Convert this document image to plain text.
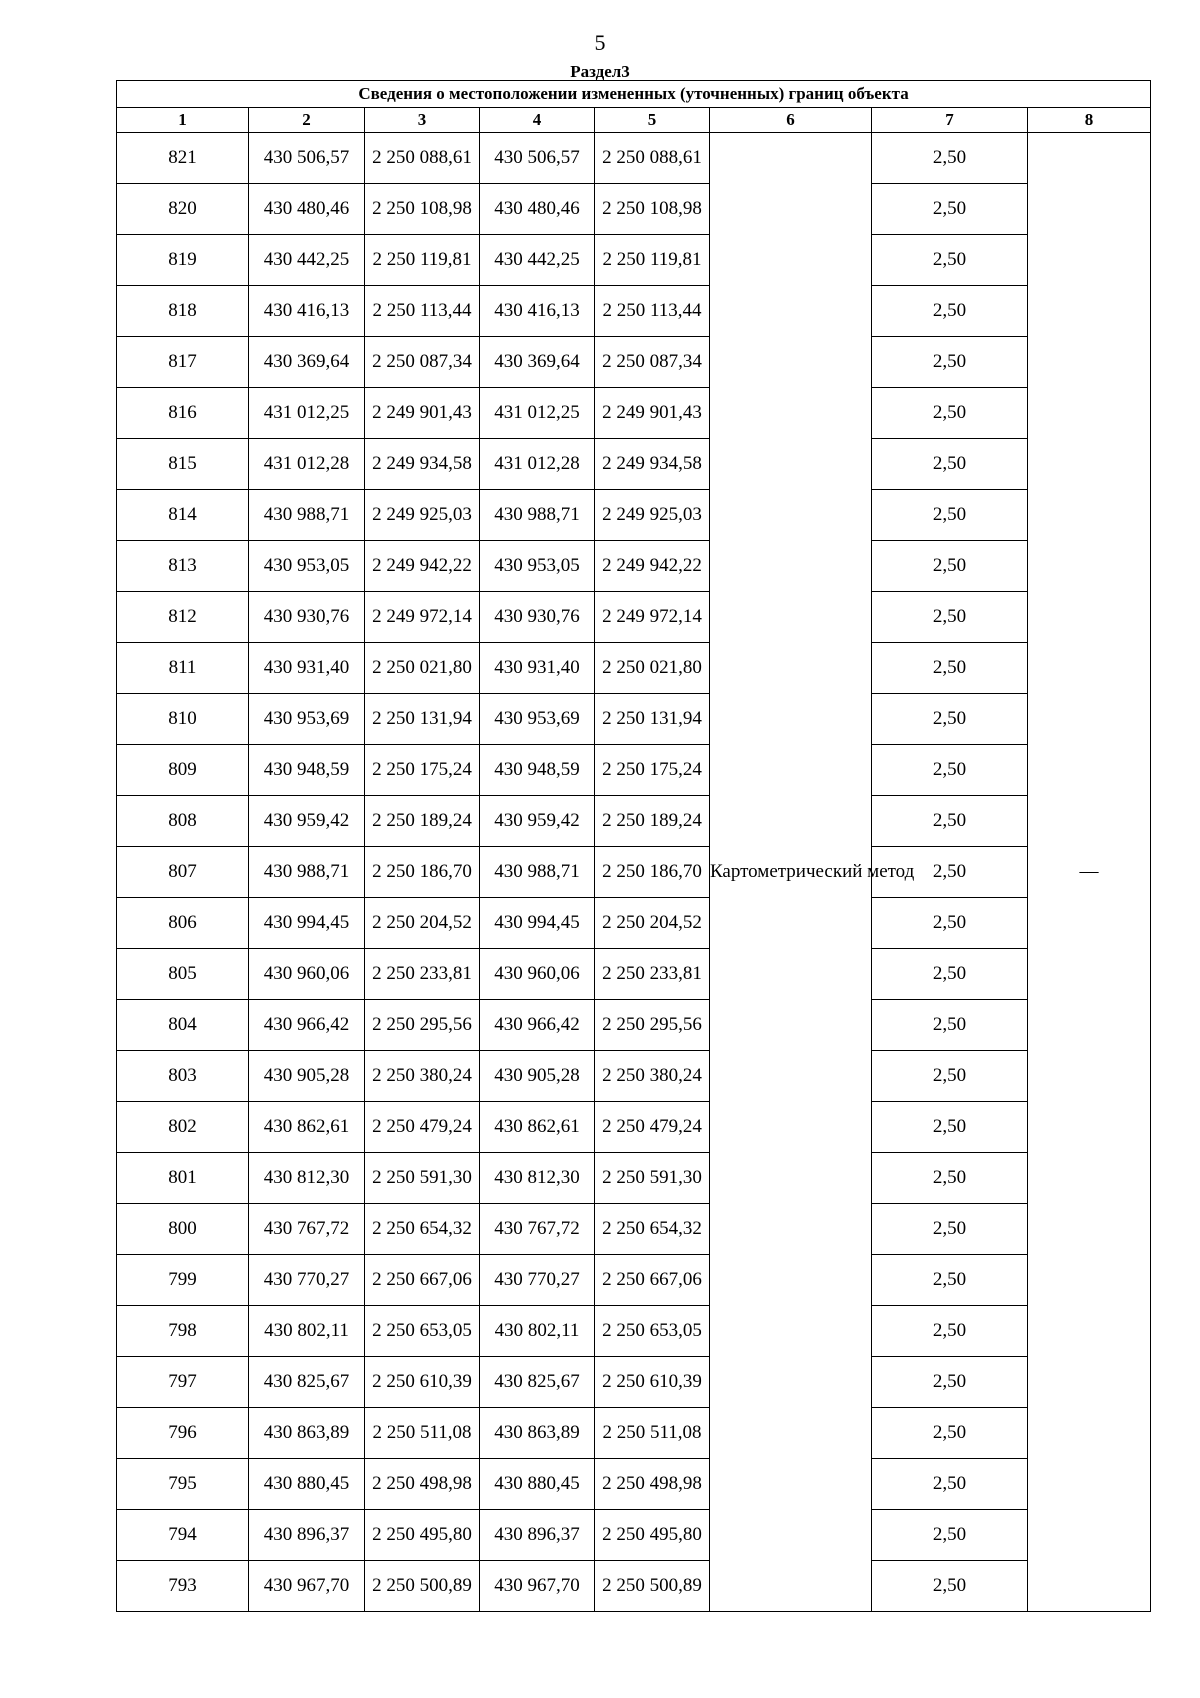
5
Раздел3
Сведения о местоположении измененных (уточненных) границ объекта							
1	2	3	4	5	6	7	8
821	430 506,57	2 250 088,61	430 506,57	2 250 088,61	Картометрический метод	2,50	—
820	430 480,46	2 250 108,98	430 480,46	2 250 108,98		2,50	
819	430 442,25	2 250 119,81	430 442,25	2 250 119,81		2,50	
818	430 416,13	2 250 113,44	430 416,13	2 250 113,44		2,50	
817	430 369,64	2 250 087,34	430 369,64	2 250 087,34		2,50	
816	431 012,25	2 249 901,43	431 012,25	2 249 901,43		2,50	
815	431 012,28	2 249 934,58	431 012,28	2 249 934,58		2,50	
814	430 988,71	2 249 925,03	430 988,71	2 249 925,03		2,50	
813	430 953,05	2 249 942,22	430 953,05	2 249 942,22		2,50	
812	430 930,76	2 249 972,14	430 930,76	2 249 972,14		2,50	
811	430 931,40	2 250 021,80	430 931,40	2 250 021,80		2,50	
810	430 953,69	2 250 131,94	430 953,69	2 250 131,94		2,50	
809	430 948,59	2 250 175,24	430 948,59	2 250 175,24		2,50	
808	430 959,42	2 250 189,24	430 959,42	2 250 189,24		2,50	
807	430 988,71	2 250 186,70	430 988,71	2 250 186,70		2,50	
806	430 994,45	2 250 204,52	430 994,45	2 250 204,52		2,50	
805	430 960,06	2 250 233,81	430 960,06	2 250 233,81		2,50	
804	430 966,42	2 250 295,56	430 966,42	2 250 295,56		2,50	
803	430 905,28	2 250 380,24	430 905,28	2 250 380,24		2,50	
802	430 862,61	2 250 479,24	430 862,61	2 250 479,24		2,50	
801	430 812,30	2 250 591,30	430 812,30	2 250 591,30		2,50	
800	430 767,72	2 250 654,32	430 767,72	2 250 654,32		2,50	
799	430 770,27	2 250 667,06	430 770,27	2 250 667,06		2,50	
798	430 802,11	2 250 653,05	430 802,11	2 250 653,05		2,50	
797	430 825,67	2 250 610,39	430 825,67	2 250 610,39		2,50	
796	430 863,89	2 250 511,08	430 863,89	2 250 511,08		2,50	
795	430 880,45	2 250 498,98	430 880,45	2 250 498,98		2,50	
794	430 896,37	2 250 495,80	430 896,37	2 250 495,80		2,50	
793	430 967,70	2 250 500,89	430 967,70	2 250 500,89		2,50	
